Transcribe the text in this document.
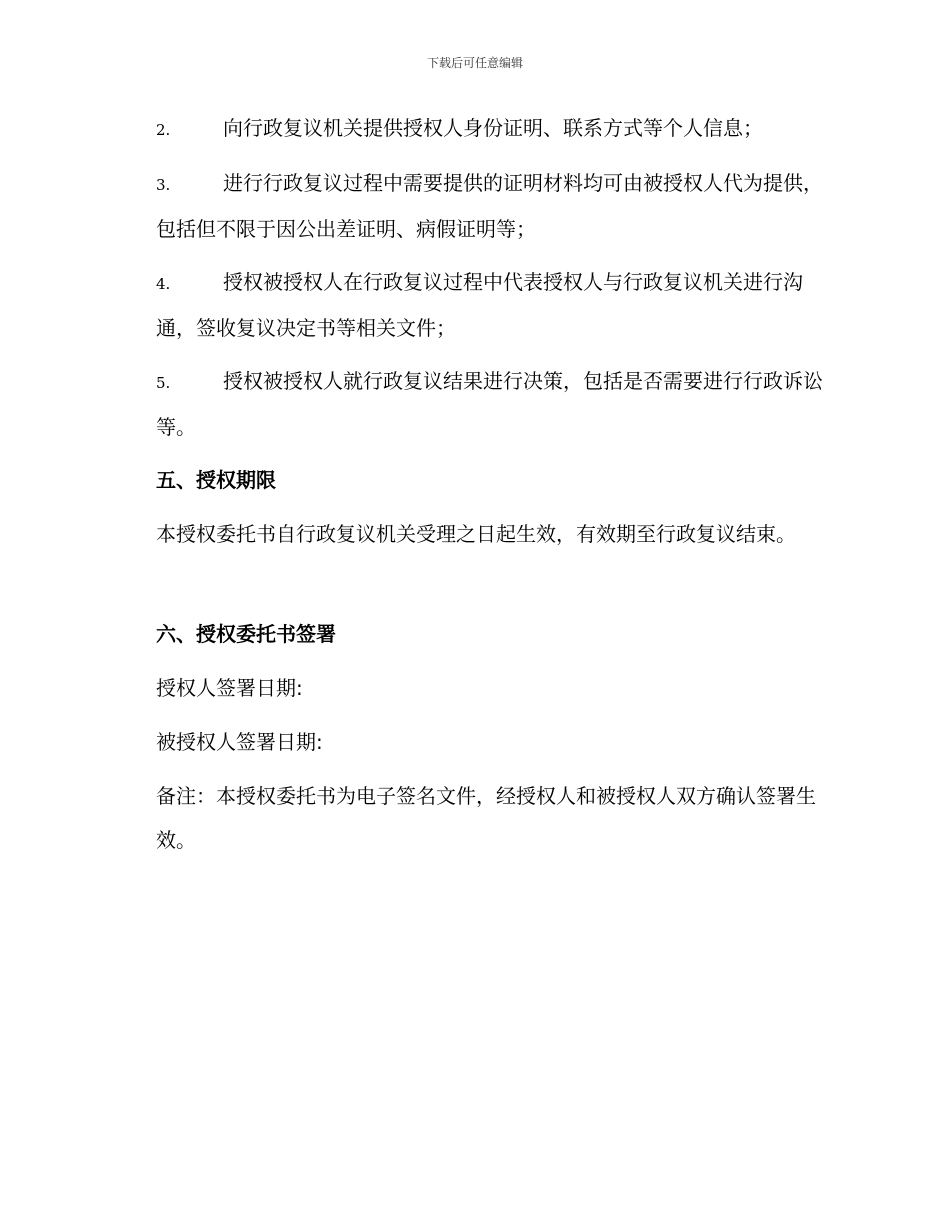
下载后可任意编辑

2.	向行政复议机关提供授权人身份证明、联系方式等个人信息；

3.	进行行政复议过程中需要提供的证明材料均可由被授权人代为提供，包括但不限于因公出差证明、病假证明等；

4.	授权被授权人在行政复议过程中代表授权人与行政复议机关进行沟通，签收复议决定书等相关文件；

5.	授权被授权人就行政复议结果进行决策，包括是否需要进行行政诉讼等。

五、授权期限

本授权委托书自行政复议机关受理之日起生效，有效期至行政复议结束。

六、授权委托书签署

授权人签署日期:

被授权人签署日期:

备注：本授权委托书为电子签名文件，经授权人和被授权人双方确认签署生效。
